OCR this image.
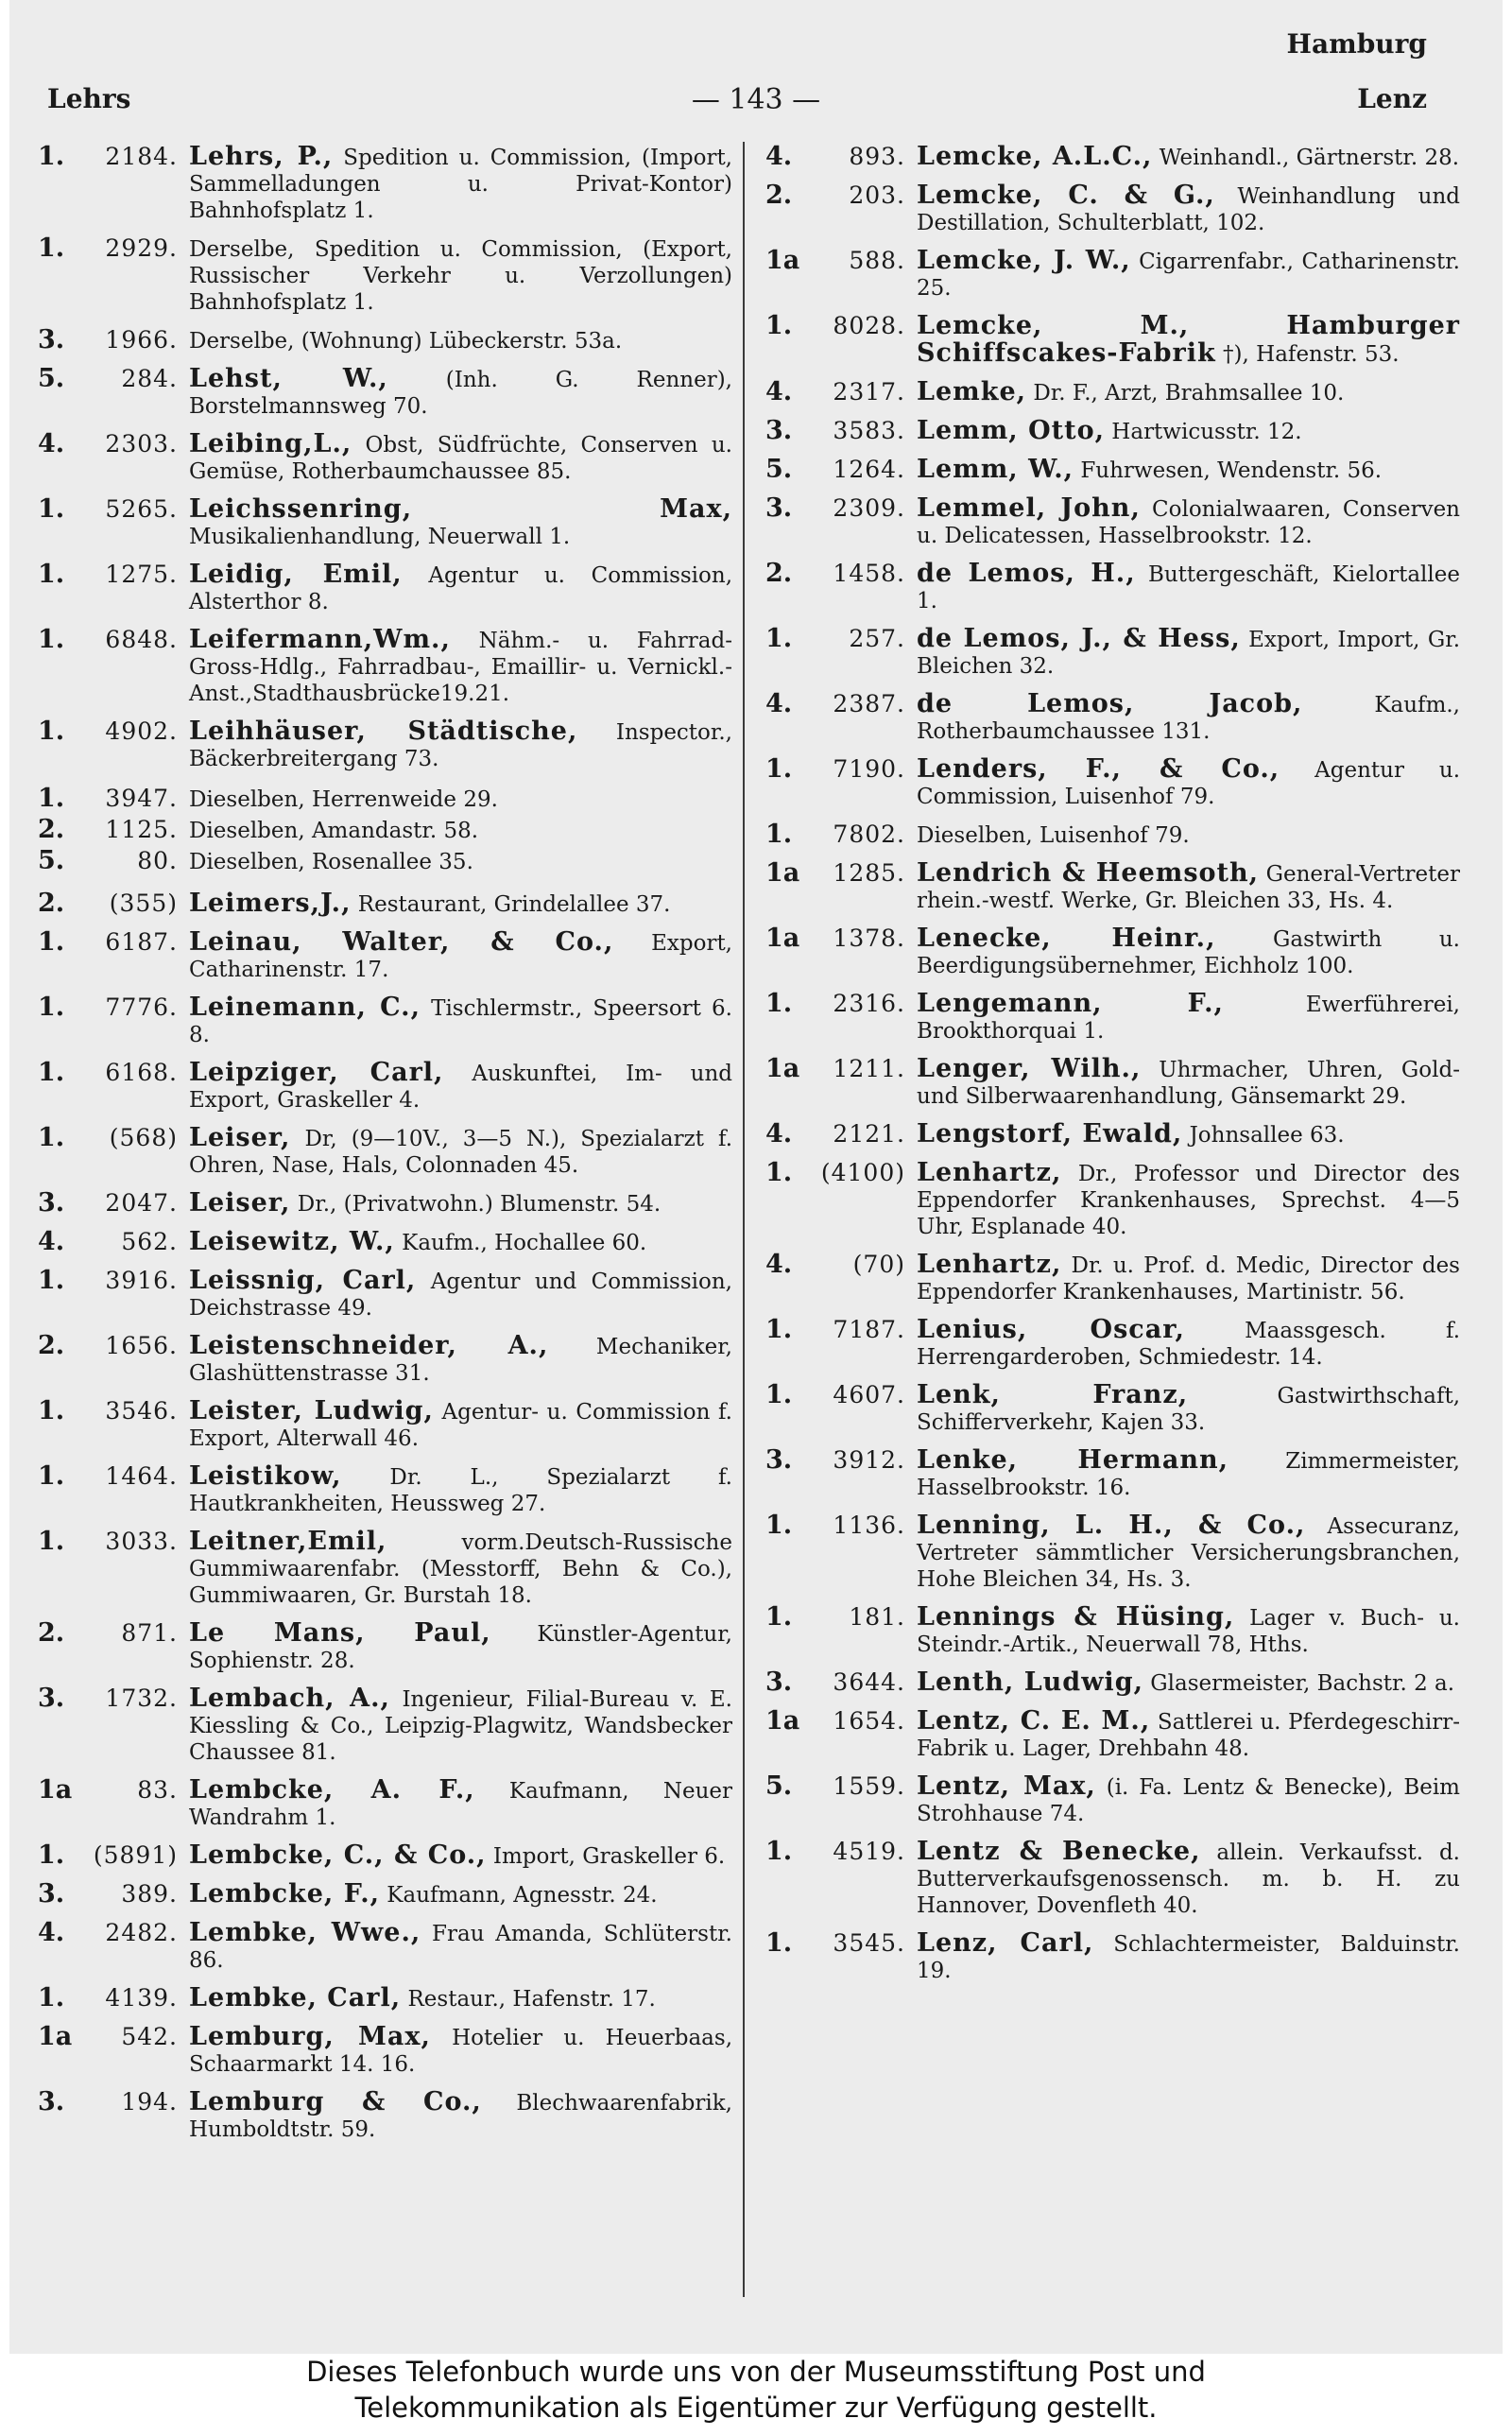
Hamburg
Lehrs	— 143 —	Lenz
1.	2184. Lehrs, P., Spedition u. Commission, (Import, Sammelladungen u. Privat-Kontor) Bahnhofsplatz 1.
1.	2929. Derselbe, Spedition u. Commission, (Export, Russischer Verkehr u. Verzollungen) Bahnhofsplatz 1.
3.	1966. Derselbe, (Wohnung) Lübeckerstr. 53a.
5.	284. Lehst, W., (Inh. G. Renner), Borstelmannsweg 70.
4.	2303. Leibing,L., Obst, Südfrüchte, Conserven u. Gemüse, Rotherbaumchaussee 85.
1.	5265. Leichssenring, Max, Musikalienhandlung, Neuerwall 1.
1.	1275. Leidig, Emil, Agentur u. Commission, Alsterthor 8.
1.	6848. Leifermann,Wm., Nähm.- u. Fahrrad-Gross-Hdlg., Fahrradbau-, Emaillir- u. Vernickl.-Anst.,Stadthausbrücke19.21.
1.	4902. Leihhäuser, Städtische, Inspector., Bäckerbreitergang 73.
1.	3947. Dieselben, Herrenweide 29.
2.	1125. Dieselben, Amandastr. 58.
5.	80. Dieselben, Rosenallee 35.
2.	(355) Leimers,J., Restaurant, Grindelallee 37.
1.	6187. Leinau, Walter, & Co., Export, Catharinenstr. 17.
1.	7776. Leinemann, C., Tischlermstr., Speersort 6. 8.
1.	6168. Leipziger, Carl, Auskunftei, Im- und Export, Graskeller 4.
1.	(568) Leiser, Dr, (9—10V., 3—5 N.), Spezialarzt f. Ohren, Nase, Hals, Colonnaden 45.
3.	2047. Leiser, Dr., (Privatwohn.) Blumenstr. 54.
4.	562. Leisewitz, W., Kaufm., Hochallee 60.
1.	3916. Leissnig, Carl, Agentur und Commission, Deichstrasse 49.
2.	1656. Leistenschneider, A., Mechaniker, Glashüttenstrasse 31.
1.	3546. Leister, Ludwig, Agentur- u. Commission f. Export, Alterwall 46.
1.	1464. Leistikow, Dr. L., Spezialarzt f. Hautkrankheiten, Heussweg 27.
1.	3033. Leitner,Emil, vorm.Deutsch-Russische Gummiwaarenfabr. (Messtorff, Behn & Co.), Gummiwaaren, Gr. Burstah 18.
2.	871. Le Mans, Paul, Künstler-Agentur, Sophienstr. 28.
3.	1732. Lembach, A., Ingenieur, Filial-Bureau v. E. Kiessling & Co., Leipzig-Plagwitz, Wandsbecker Chaussee 81.
1a	83. Lembcke, A. F., Kaufmann, Neuer Wandrahm 1.
1.	(5891) Lembcke, C., & Co., Import, Graskeller 6.
3.	389. Lembcke, F., Kaufmann, Agnesstr. 24.
4.	2482. Lembke, Wwe., Frau Amanda, Schlüterstr. 86.
1.	4139. Lembke, Carl, Restaur., Hafenstr. 17.
1a	542. Lemburg, Max, Hotelier u. Heuerbaas, Schaarmarkt 14. 16.
3.	194. Lemburg & Co., Blechwaarenfabrik, Humboldtstr. 59.
4.	893. Lemcke, A.L.C., Weinhandl., Gärtnerstr. 28.
2.	203. Lemcke, C. & G., Weinhandlung und Destillation, Schulterblatt, 102.
1a	588. Lemcke, J. W., Cigarrenfabr., Catharinenstr. 25.
1.	8028. Lemcke, M., Hamburger Schiffscakes-Fabrik †), Hafenstr. 53.
4.	2317. Lemke, Dr. F., Arzt, Brahmsallee 10.
3.	3583. Lemm, Otto, Hartwicusstr. 12.
5.	1264. Lemm, W., Fuhrwesen, Wendenstr. 56.
3.	2309. Lemmel, John, Colonialwaaren, Conserven u. Delicatessen, Hasselbrookstr. 12.
2.	1458. de Lemos, H., Buttergeschäft, Kielortallee 1.
1.	257. de Lemos, J., & Hess, Export, Import, Gr. Bleichen 32.
4.	2387. de Lemos, Jacob, Kaufm., Rotherbaumchaussee 131.
1.	7190. Lenders, F., & Co., Agentur u. Commission, Luisenhof 79.
1.	7802. Dieselben, Luisenhof 79.
1a	1285. Lendrich & Heemsoth, General-Vertreter rhein.-westf. Werke, Gr. Bleichen 33, Hs. 4.
1a	1378. Lenecke, Heinr., Gastwirth u. Beerdigungsübernehmer, Eichholz 100.
1.	2316. Lengemann, F., Ewerführerei, Brookthorquai 1.
1a	1211. Lenger, Wilh., Uhrmacher, Uhren, Gold- und Silberwaarenhandlung, Gänsemarkt 29.
4.	2121. Lengstorf, Ewald, Johnsallee 63.
1.	(4100) Lenhartz, Dr., Professor und Director des Eppendorfer Krankenhauses, Sprechst. 4—5 Uhr, Esplanade 40.
4.	(70) Lenhartz, Dr. u. Prof. d. Medic, Director des Eppendorfer Krankenhauses, Martinistr. 56.
1.	7187. Lenius, Oscar, Maassgesch. f. Herrengarderoben, Schmiedestr. 14.
1.	4607. Lenk, Franz, Gastwirthschaft, Schifferverkehr, Kajen 33.
3.	3912. Lenke, Hermann, Zimmermeister, Hasselbrookstr. 16.
1.	1136. Lenning, L. H., & Co., Assecuranz, Vertreter sämmtlicher Versicherungsbranchen, Hohe Bleichen 34, Hs. 3.
1.	181. Lennings & Hüsing, Lager v. Buch- u. Steindr.-Artik., Neuerwall 78, Hths.
3.	3644. Lenth, Ludwig, Glasermeister, Bachstr. 2 a.
1a	1654. Lentz, C. E. M., Sattlerei u. Pferdegeschirr-Fabrik u. Lager, Drehbahn 48.
5.	1559. Lentz, Max, (i. Fa. Lentz & Benecke), Beim Strohhause 74.
1.	4519. Lentz & Benecke, allein. Verkaufsst. d. Butterverkaufsgenossensch. m. b. H. zu Hannover, Dovenfleth 40.
1.	3545. Lenz, Carl, Schlachtermeister, Balduinstr. 19.
Dieses Telefonbuch wurde uns von der Museumsstiftung Post und
Telekommunikation als Eigentümer zur Verfügung gestellt.
